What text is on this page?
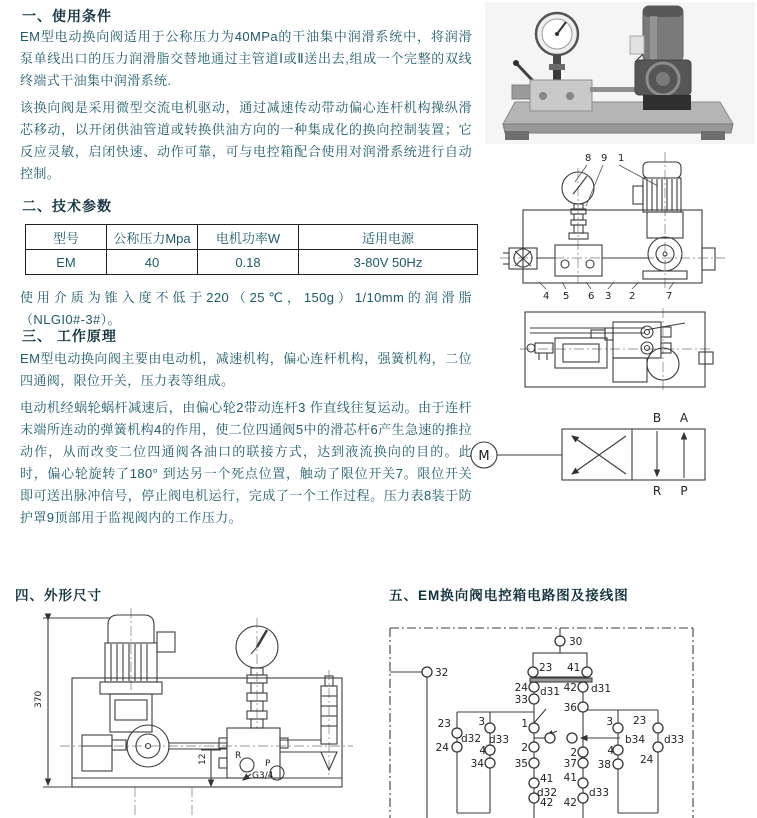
一、使用条件

EM型电动换向阀适用于公称压力为40MPa的干油集中润滑系统中，将润滑泵单线出口的压力润滑脂交替地通过主管道Ⅰ或Ⅱ送出去,组成一个完整的双线终端式干油集中润滑系统.

该换向阀是采用微型交流电机驱动，通过减速传动带动偏心连杆机构操纵滑芯移动，以开闭供油管道或转换供油方向的一种集成化的换向控制装置；它反应灵敏，启闭快速、动作可靠，可与电控箱配合使用对润滑系统进行自动控制。

二、技术参数
型号	公称压力Mpa	电机功率W	适用电源
EM	40	0.18	3-80V 50Hz
使用介质为锥入度不低于220（25℃，150g）1/10mm的润滑脂（NLGI0#-3#）。
三、 工作原理

EM型电动换向阀主要由电动机，减速机构，偏心连杆机构，强簧机构，二位四通阀，限位开关，压力表等组成。

电动机经蜗轮蜗杆减速后，由偏心轮2带动连杆3 作直线往复运动。由于连杆末端所连动的弹簧机构4的作用，使二位四通阀5中的滑芯杆6产生急速的推拉动作，从而改变二位四通阀各油口的联接方式，达到液流换向的目的。此时，偏心轮旋转了180° 到达另一个死点位置，触动了限位开关7。限位开关即可送出脉冲信号，停止阀电机运行，完成了一个工作过程。压力表8装于防护罩9顶部用于监视阀内的工作压力。

8 9 1
4 5 6 3 2	7
M
B A
R P
四、外形尺寸	五、EM换向阀电控箱电路图及接线图
370
12	R
G3/4
P
30
32	23 41
24 d31 42 d31
33
36
23	3	1	3 23
24
d32 d33	b34 d33
4	2	2	4
24
34	35	37 38
41 41
d32	d33
42 42
